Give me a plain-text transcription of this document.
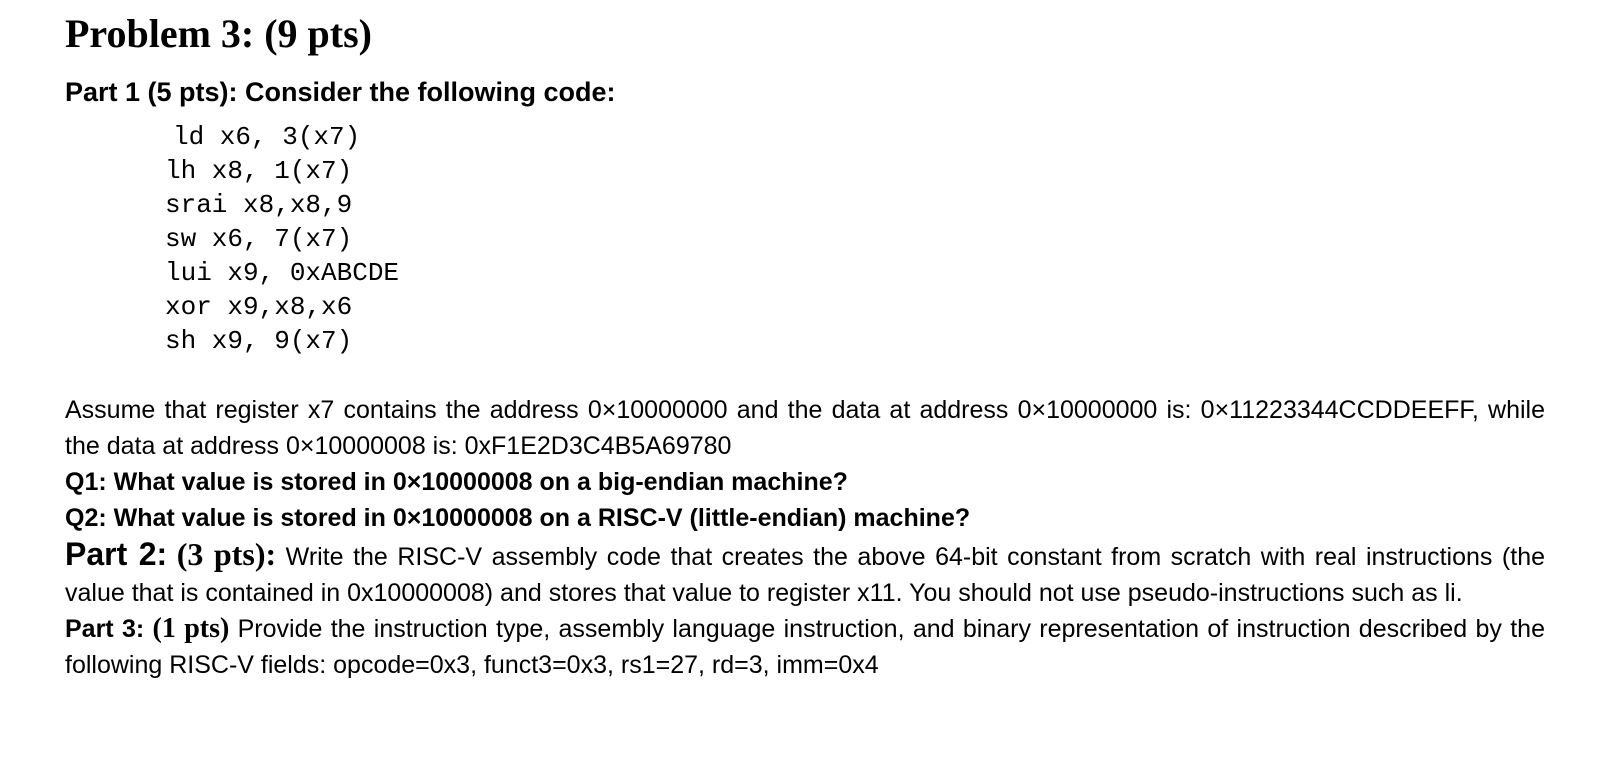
Problem 3: (9 pts)
Part 1 (5 pts): Consider the following code:
ld x6, 3(x7)
lh x8, 1(x7)
srai x8,x8,9
sw x6, 7(x7)
lui x9, 0xABCDE
xor x9,x8,x6
sh x9, 9(x7)
Assume that register x7 contains the address 0×10000000 and the data at address 0×10000000 is: 0×11223344CCDDEEFF, while the data at address 0×10000008 is: 0xF1E2D3C4B5A69780
Q1: What value is stored in 0×10000008 on a big-endian machine?
Q2: What value is stored in 0×10000008 on a RISC-V (little-endian) machine?
Part 2: (3 pts): Write the RISC-V assembly code that creates the above 64-bit constant from scratch with real instructions (the value that is contained in 0x10000008) and stores that value to register x11. You should not use pseudo-instructions such as li.
Part 3: (1 pts) Provide the instruction type, assembly language instruction, and binary representation of instruction described by the following RISC-V fields: opcode=0x3, funct3=0x3, rs1=27, rd=3, imm=0x4
